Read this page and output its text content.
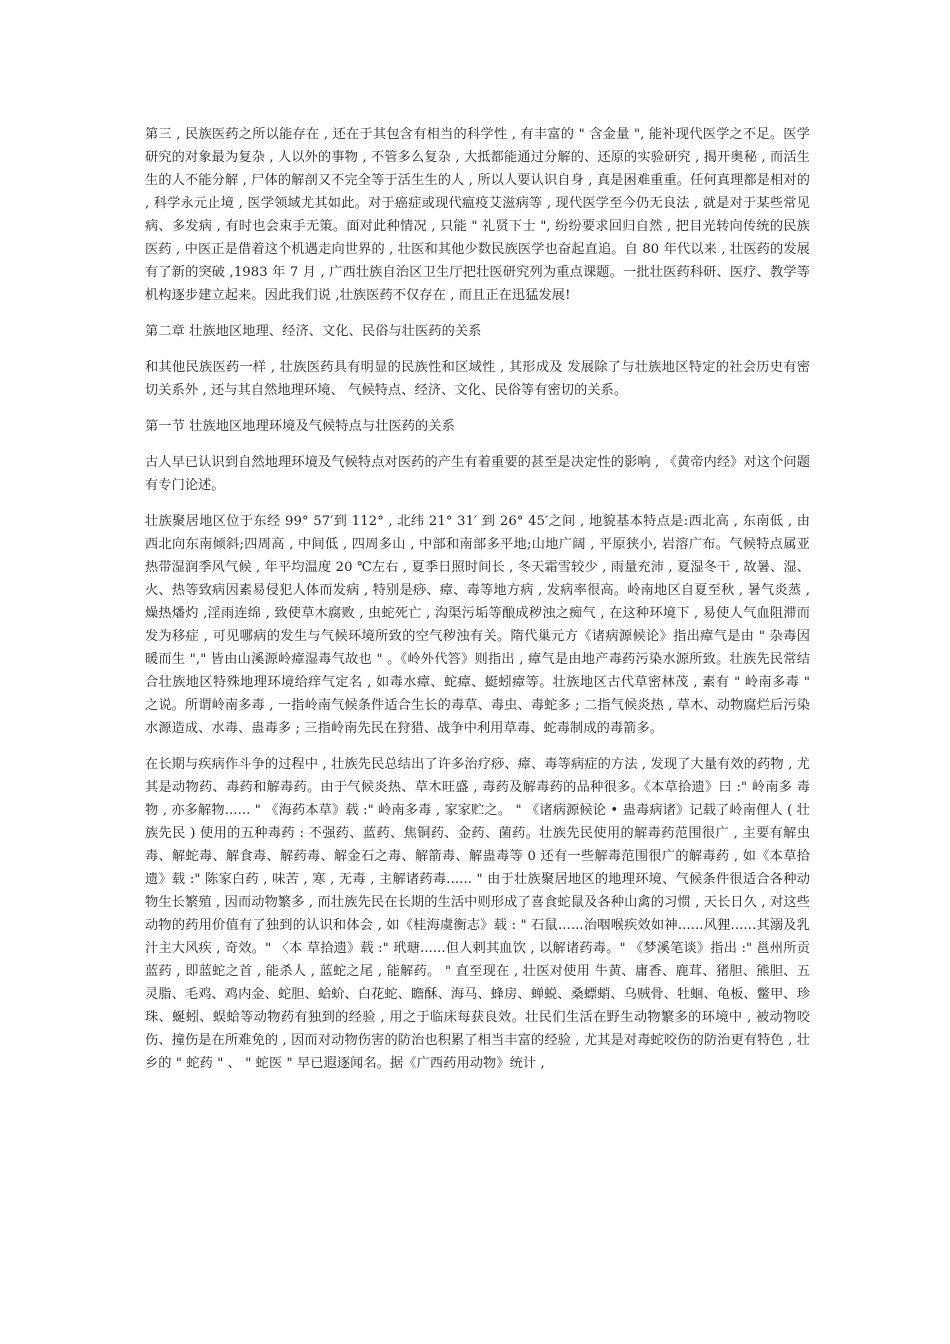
第三 , 民族医药之所以能存在 , 还在于其包含有相当的科学性 , 有丰富的 " 含金量 ", 能补现代医学之不足。医学研究的对象最为复杂 , 人以外的事物 , 不管多么复杂 , 大抵都能通过分解的、还原的实验研究 , 揭开奥秘 , 而活生生的人不能分解 , 尸体的解剖又不完全等于活生生的人 , 所以人要认识自身 , 真是困难重重。任何真理都是相对的 , 科学永元止境 , 医学领域尤其如此。对于癌症或现代瘟疫艾滋病等 , 现代医学至今仍无良法 , 就是对于某些常见病、多发病 , 有时也会束手无策。面对此种情况 , 只能 " 礼贤下士 ", 纷纷要求回归自然 , 把目光转向传统的民族医药 , 中医正是借着这个机遇走向世界的 , 壮医和其他少数民族医学也奋起直追。自 80 年代以来 , 壮医药的发展有了新的突破 ,1983 年 7 月 , 广西壮族自治区卫生厅把壮医研究列为重点课题。一批壮医药科研、医疗、教学等机构逐步建立起来。因此我们说 ,壮族医药不仅存在 , 而且正在迅猛发展!

第二章 壮族地区地理、经济、文化、民俗与壮医药的关系

和其他民族医药一样 , 壮族医药具有明显的民族性和区域性 , 其形成及 发展除了与壮族地区特定的社会历史有密切关系外 , 还与其自然地理环境、 气候特点、经济、文化、民俗等有密切的关系。

第一节 壮族地区地理环境及气候特点与壮医药的关系

古人早已认识到自然地理环境及气候特点对医药的产生有着重要的甚至是决定性的影响 , 《黄帝内经》对这个问题有专门论述。

壮族聚居地区位于东经 99° 57′到 112° , 北纬 21° 31′ 到 26° 45′之间 , 地貌基本特点是:西北高 , 东南低 , 由西北向东南倾斜;四周高 , 中间低 , 四周多山 , 中部和南部多平地;山地广阔 , 平原狭小, 岩溶广布。气候特点属亚热带湿润季风气候 , 年平均温度 20 ℃左右 , 夏季日照时间长 , 冬天霜雪较少 , 雨量充沛 , 夏湿冬干 , 故暑、湿、火、热等致病因素易侵犯人体而发病 , 特别是痧、瘴、毒等地方病 , 发病率很高。岭南地区自夏至秋 , 暑气炎蒸 , 燥热燔灼 ,淫雨连绵 , 致使草木腐败 , 虫蛇死亡 , 沟渠污垢等酿成秽浊之痴气 , 在这种环境下 , 易使人气血阻滞而发为移症 , 可见哪病的发生与气候环境所致的空气秽浊有关。隋代巢元方《诸病源候论》指出瘴气是由 " 杂毒因暖而生 "," 皆由山溪源岭瘴湿毒气故也 " 。《岭外代答》则指出 , 瘴气是由地产毒药污染水源所致。壮族先民常结合壮族地区特殊地理环境给痒气定名 , 如毒水瘴、蛇瘴、蜓蚓瘴等。壮族地区古代草密林茂 , 素有 " 岭南多毒 " 之说。所谓岭南多毒 , 一指岭南气候条件适合生长的毒草、毒虫、毒蛇多 ; 二指气候炎热 , 草木、动物腐烂后污染水源造成、水毒、蛊毒多 ; 三指岭南先民在狩猎、战争中利用草毒、蛇毒制成的毒箭多。

在长期与疾病作斗争的过程中 , 壮族先民总结出了许多治疗痧、瘴、毒等病症的方法 , 发现了大量有效的药物 , 尤其是动物药、毒药和解毒药。由于气候炎热、草木旺盛 , 毒药及解毒药的品种很多。《本草拾遗》曰 :" 岭南多 毒物 , 亦多解物...... " 《海药本草》载 :" 岭南多毒 , 家家贮之。 " 《诸病源候论 • 蛊毒病诸》记载了岭南俚人 ( 壮族先民 ) 使用的五种毒药 : 不强药、蓝药、焦铜药、金药、菌药。壮族先民使用的解毒药范围很广 , 主要有解虫毒、解蛇毒、解食毒、解药毒、解金石之毒、解箭毒、解蛊毒等 0 还有一些解毒范围很广的解毒药 , 如《本草拾遗》载 :" 陈家白药 , 味苦 , 寒 , 无毒 , 主解诸药毒...... " 由于壮族聚居地区的地理环境、气候条件很适合各种动物生长繁殖 , 因而动物繁多 , 而壮族先民在长期的生活中则形成了喜食蛇鼠及各种山禽的习惯 , 天长日久 , 对这些动物的药用价值有了独到的认识和体会 , 如《桂海虞衡志》载 : " 石鼠......治咽喉疾效如神......风狸......其溺及乳汁主大风疾 , 奇效。" 〈本 草拾遗》载 :" 玳瑭......但人剌其血饮 , 以解诸药毒。" 《梦溪笔谈》指出 :" 邕州所贡蓝药 , 即蓝蛇之首 , 能杀人 , 蓝蛇之尾 , 能解药。 " 直至现在 , 壮医对使用 牛黄、庸香、鹿茸、猪胆、熊胆、五灵脂、毛鸡、鸡内金、蛇胆、蛤蚧、白花蛇、瞻酥、海马、蜂房、蝉蜕、桑螵蛸、乌贼骨、牡蛔、龟板、鳖甲、珍珠、蜒蚓、蜈蛤等动物药有独到的经验 , 用之于临床每获良效。壮民们生活在野生动物繁多的环境中 , 被动物咬伤、撞伤是在所难免的 , 因而对动物伤害的防治也积累了相当丰富的经验 , 尤其是对毒蛇咬伤的防治更有特色 , 壮乡的 " 蛇药 " 、 " 蛇医 " 早已遐逐闻名。据《广西药用动物》统计 ,
